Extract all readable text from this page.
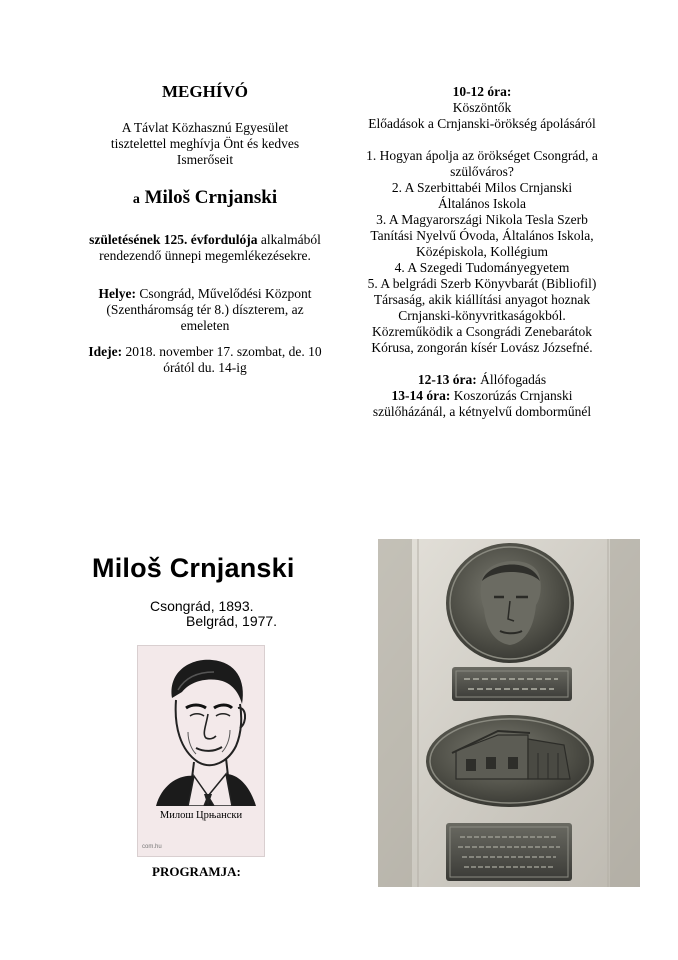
MEGHÍVÓ

A Távlat Közhasznú Egyesület

tisztelettel meghívja Önt és kedves

Ismerőseit

a Miloš Crnjanski

születésének 125. évfordulója alkalmából

rendezendő ünnepi megemlékezésekre.

Helye: Csongrád, Művelődési Központ

(Szentháromság tér 8.) díszterem, az

emeleten

Ideje: 2018. november 17. szombat, de. 10

órától du. 14-ig

10-12 óra:

Köszöntők

Előadások a Crnjanski-örökség ápolásáról

1. Hogyan ápolja az örökséget Csongrád, a

szülőváros?

2. A Szerbittabéi Milos Crnjanski

Általános Iskola

3. A Magyarországi Nikola Tesla Szerb

Tanítási Nyelvű Óvoda, Általános Iskola,

Középiskola, Kollégium

4. A Szegedi Tudományegyetem

5. A belgrádi Szerb Könyvbarát (Bibliofil)

Társaság, akik kiállítási anyagot hoznak

Crnjanski-könyvritkaságokból.

Közreműködik a Csongrádi Zenebarátok

Kórusa, zongorán kísér Lovász Józsefné.

12-13 óra: Állófogadás

13-14 óra: Koszorúzás Crnjanski

szülőházánál, a kétnyelvű domborműnél

Miloš Crnjanski
Csongrád, 1893.
Belgrád, 1977.
Милош Црњански
com.hu
PROGRAMJA:
